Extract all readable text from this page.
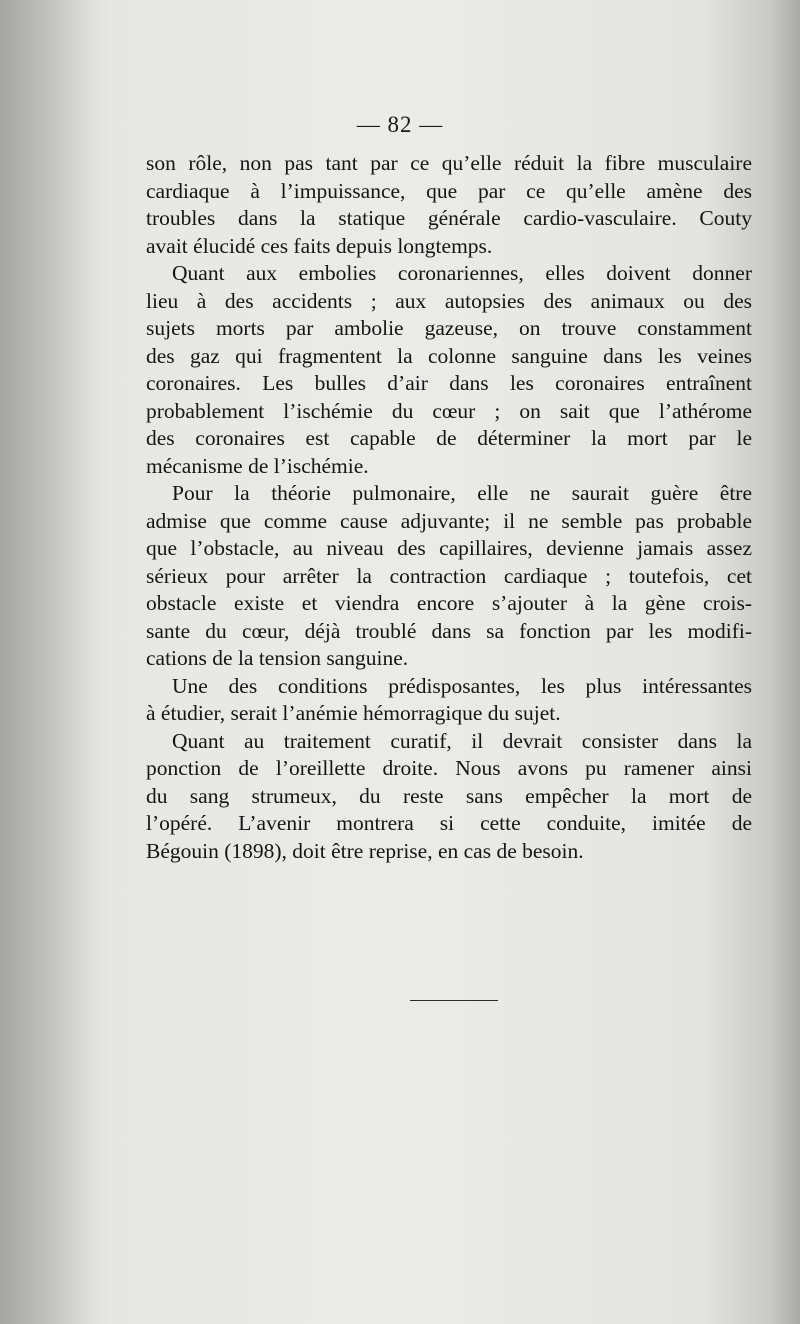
— 82 —
son rôle, non pas tant par ce qu’elle réduit la fibre musculaire
cardiaque à l’impuissance, que par ce qu’elle amène des
troubles dans la statique générale cardio-vasculaire. Couty
avait élucidé ces faits depuis longtemps.
Quant aux embolies coronariennes, elles doivent donner
lieu à des accidents ; aux autopsies des animaux ou des
sujets morts par ambolie gazeuse, on trouve constamment
des gaz qui fragmentent la colonne sanguine dans les veines
coronaires. Les bulles d’air dans les coronaires entraînent
probablement l’ischémie du cœur ; on sait que l’athérome
des coronaires est capable de déterminer la mort par le
mécanisme de l’ischémie.
Pour la théorie pulmonaire, elle ne saurait guère être
admise que comme cause adjuvante; il ne semble pas probable
que l’obstacle, au niveau des capillaires, devienne jamais assez
sérieux pour arrêter la contraction cardiaque ; toutefois, cet
obstacle existe et viendra encore s’ajouter à la gène crois-
sante du cœur, déjà troublé dans sa fonction par les modifi-
cations de la tension sanguine.
Une des conditions prédisposantes, les plus intéressantes
à étudier, serait l’anémie hémorragique du sujet.
Quant au traitement curatif, il devrait consister dans la
ponction de l’oreillette droite. Nous avons pu ramener ainsi
du sang strumeux, du reste sans empêcher la mort de
l’opéré. L’avenir montrera si cette conduite, imitée de
Bégouin (1898), doit être reprise, en cas de besoin.
